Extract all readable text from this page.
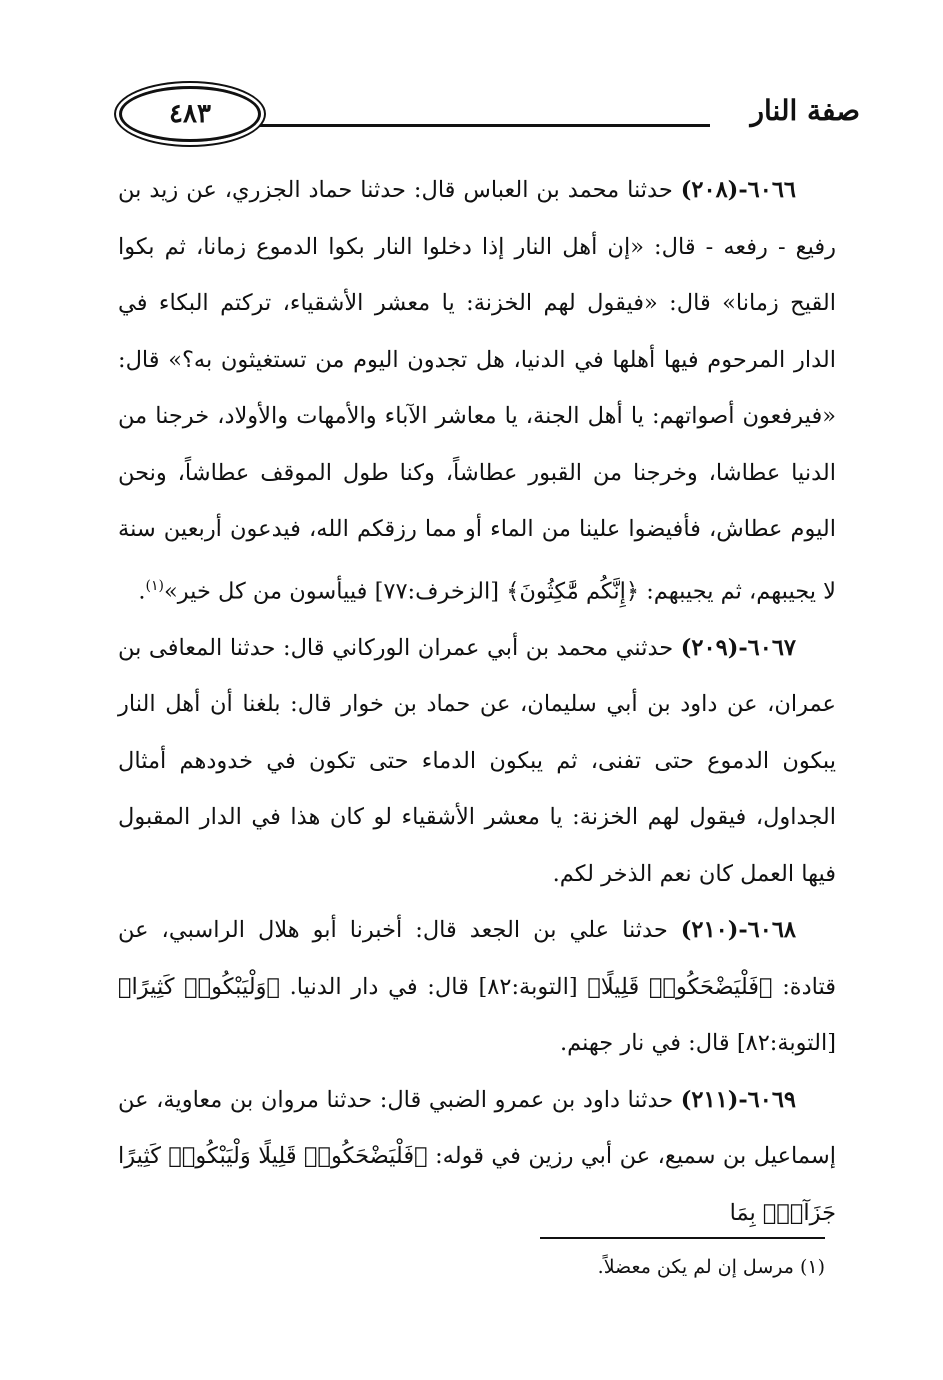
صفة النار
٤٨٣

٦٠٦٦-(٢٠٨) حدثنا محمد بن العباس قال: حدثنا حماد الجزري، عن زيد بن رفيع - رفعه - قال: «إن أهل النار إذا دخلوا النار بكوا الدموع زمانا، ثم بكوا القيح زمانا» قال: «فيقول لهم الخزنة: يا معشر الأشقياء، تركتم البكاء في الدار المرحوم فيها أهلها في الدنيا، هل تجدون اليوم من تستغيثون به؟» قال: «فيرفعون أصواتهم: يا أهل الجنة، يا معاشر الآباء والأمهات والأولاد، خرجنا من الدنيا عطاشا، وخرجنا من القبور عطاشاً، وكنا طول الموقف عطاشاً، ونحن اليوم عطاش، فأفيضوا علينا من الماء أو مما رزقكم الله، فيدعون أربعين سنة لا يجيبهم، ثم يجيبهم: ﴿إِنَّكُم مَّٰكِثُونَ﴾ [الزخرف:٧٧] فييأسون من كل خير»$^{(١)}$.

٦٠٦٧-(٢٠٩) حدثني محمد بن أبي عمران الوركاني قال: حدثنا المعافى بن عمران، عن داود بن أبي سليمان، عن حماد بن خوار قال: بلغنا أن أهل النار يبكون الدموع حتى تفنى، ثم يبكون الدماء حتى تكون في خدودهم أمثال الجداول، فيقول لهم الخزنة: يا معشر الأشقياء لو كان هذا في الدار المقبول فيها العمل كان نعم الذخر لكم.

٦٠٦٨-(٢١٠) حدثنا علي بن الجعد قال: أخبرنا أبو هلال الراسبي، عن قتادة: ﴿فَلْيَضْحَكُوا۟ قَلِيلًا﴾ [التوبة:٨٢] قال: في دار الدنيا. ﴿وَلْيَبْكُوا۟ كَثِيرًا﴾ [التوبة:٨٢] قال: في نار جهنم.

٦٠٦٩-(٢١١) حدثنا داود بن عمرو الضبي قال: حدثنا مروان بن معاوية، عن إسماعيل بن سميع، عن أبي رزين في قوله: ﴿فَلْيَضْحَكُوا۟ قَلِيلًا وَلْيَبْكُوا۟ كَثِيرًا جَزَآءًۢ بِمَا

(١) مرسل إن لم يكن معضلاً.
